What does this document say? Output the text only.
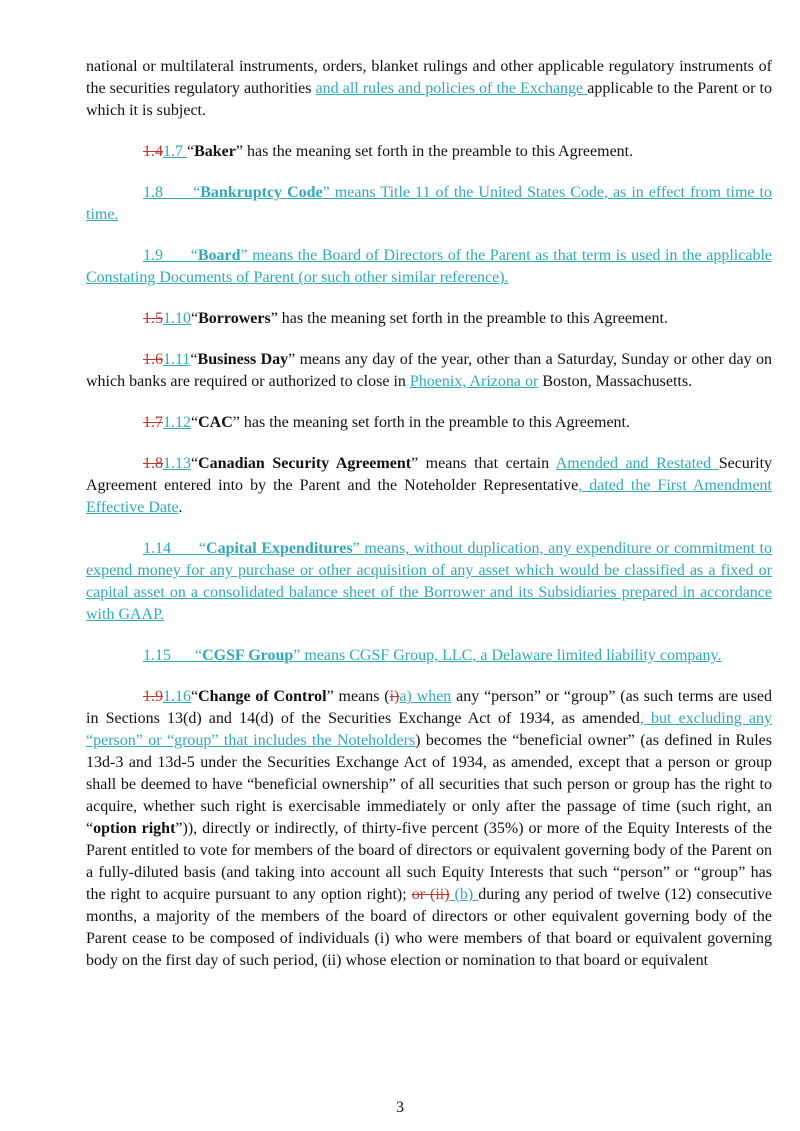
national or multilateral instruments, orders, blanket rulings and other applicable regulatory instruments of the securities regulatory authorities and all rules and policies of the Exchange applicable to the Parent or to which it is subject.

1.41.7 “Baker” has the meaning set forth in the preamble to this Agreement.

1.8      “Bankruptcy Code” means Title 11 of the United States Code, as in effect from time to time.

1.9      “Board” means the Board of Directors of the Parent as that term is used in the applicable Constating Documents of Parent (or such other similar reference).

1.51.10“Borrowers” has the meaning set forth in the preamble to this Agreement.

1.61.11“Business Day” means any day of the year, other than a Saturday, Sunday or other day on which banks are required or authorized to close in Phoenix, Arizona or Boston, Massachusetts.

1.71.12“CAC” has the meaning set forth in the preamble to this Agreement.

1.81.13“Canadian Security Agreement” means that certain Amended and Restated Security Agreement entered into by the Parent and the Noteholder Representative, dated the First Amendment Effective Date.

1.14      “Capital Expenditures” means, without duplication, any expenditure or commitment to expend money for any purchase or other acquisition of any asset which would be classified as a fixed or capital asset on a consolidated balance sheet of the Borrower and its Subsidiaries prepared in accordance with GAAP.

1.15      “CGSF Group” means CGSF Group, LLC, a Delaware limited liability company.

1.91.16“Change of Control” means (i)a) when any “person” or “group” (as such terms are used in Sections 13(d) and 14(d) of the Securities Exchange Act of 1934, as amended, but excluding any “person” or “group” that includes the Noteholders) becomes the “beneficial owner” (as defined in Rules 13d-3 and 13d-5 under the Securities Exchange Act of 1934, as amended, except that a person or group shall be deemed to have “beneficial ownership” of all securities that such person or group has the right to acquire, whether such right is exercisable immediately or only after the passage of time (such right, an “option right”)), directly or indirectly, of thirty-five percent (35%) or more of the Equity Interests of the Parent entitled to vote for members of the board of directors or equivalent governing body of the Parent on a fully-diluted basis (and taking into account all such Equity Interests that such “person” or “group” has the right to acquire pursuant to any option right); or (ii) (b) during any period of twelve (12) consecutive months, a majority of the members of the board of directors or other equivalent governing body of the Parent cease to be composed of individuals (i) who were members of that board or equivalent governing body on the first day of such period, (ii) whose election or nomination to that board or equivalent

3
